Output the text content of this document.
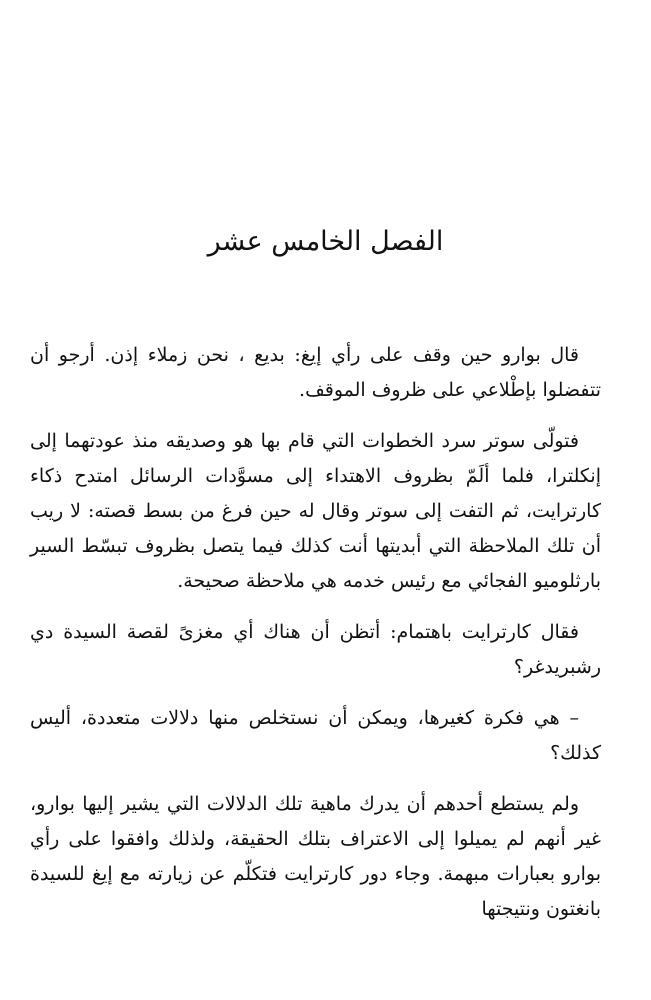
الفصل الخامس عشر

قال بوارو حين وقف على رأي إيغ: بديع ، نحن زملاء إذن. أرجو أن تتفضلوا بإطْلاعي على ظروف الموقف.

فتولّى سوتر سرد الخطوات التي قام بها هو وصديقه منذ عودتهما إلى إنكلترا، فلما ألَمّ بظروف الاهتداء إلى مسوَّدات الرسائل امتدح ذكاء كارترايت، ثم التفت إلى سوتر وقال له حين فرغ من بسط قصته: لا ريب أن تلك الملاحظة التي أبديتها أنت كذلك فيما يتصل بظروف تبسّط السير بارثلوميو الفجائي مع رئيس خدمه هي ملاحظة صحيحة.

فقال كارترايت باهتمام: أتظن أن هناك أي مغزىً لقصة السيدة دي رشبريدغر؟

– هي فكرة كغيرها، ويمكن أن نستخلص منها دلالات متعددة، أليس كذلك؟

ولم يستطع أحدهم أن يدرك ماهية تلك الدلالات التي يشير إليها بوارو، غير أنهم لم يميلوا إلى الاعتراف بتلك الحقيقة، ولذلك وافقوا على رأي بوارو بعبارات مبهمة. وجاء دور كارترايت فتكلّم عن زيارته مع إيغ للسيدة بانغتون ونتيجتها
